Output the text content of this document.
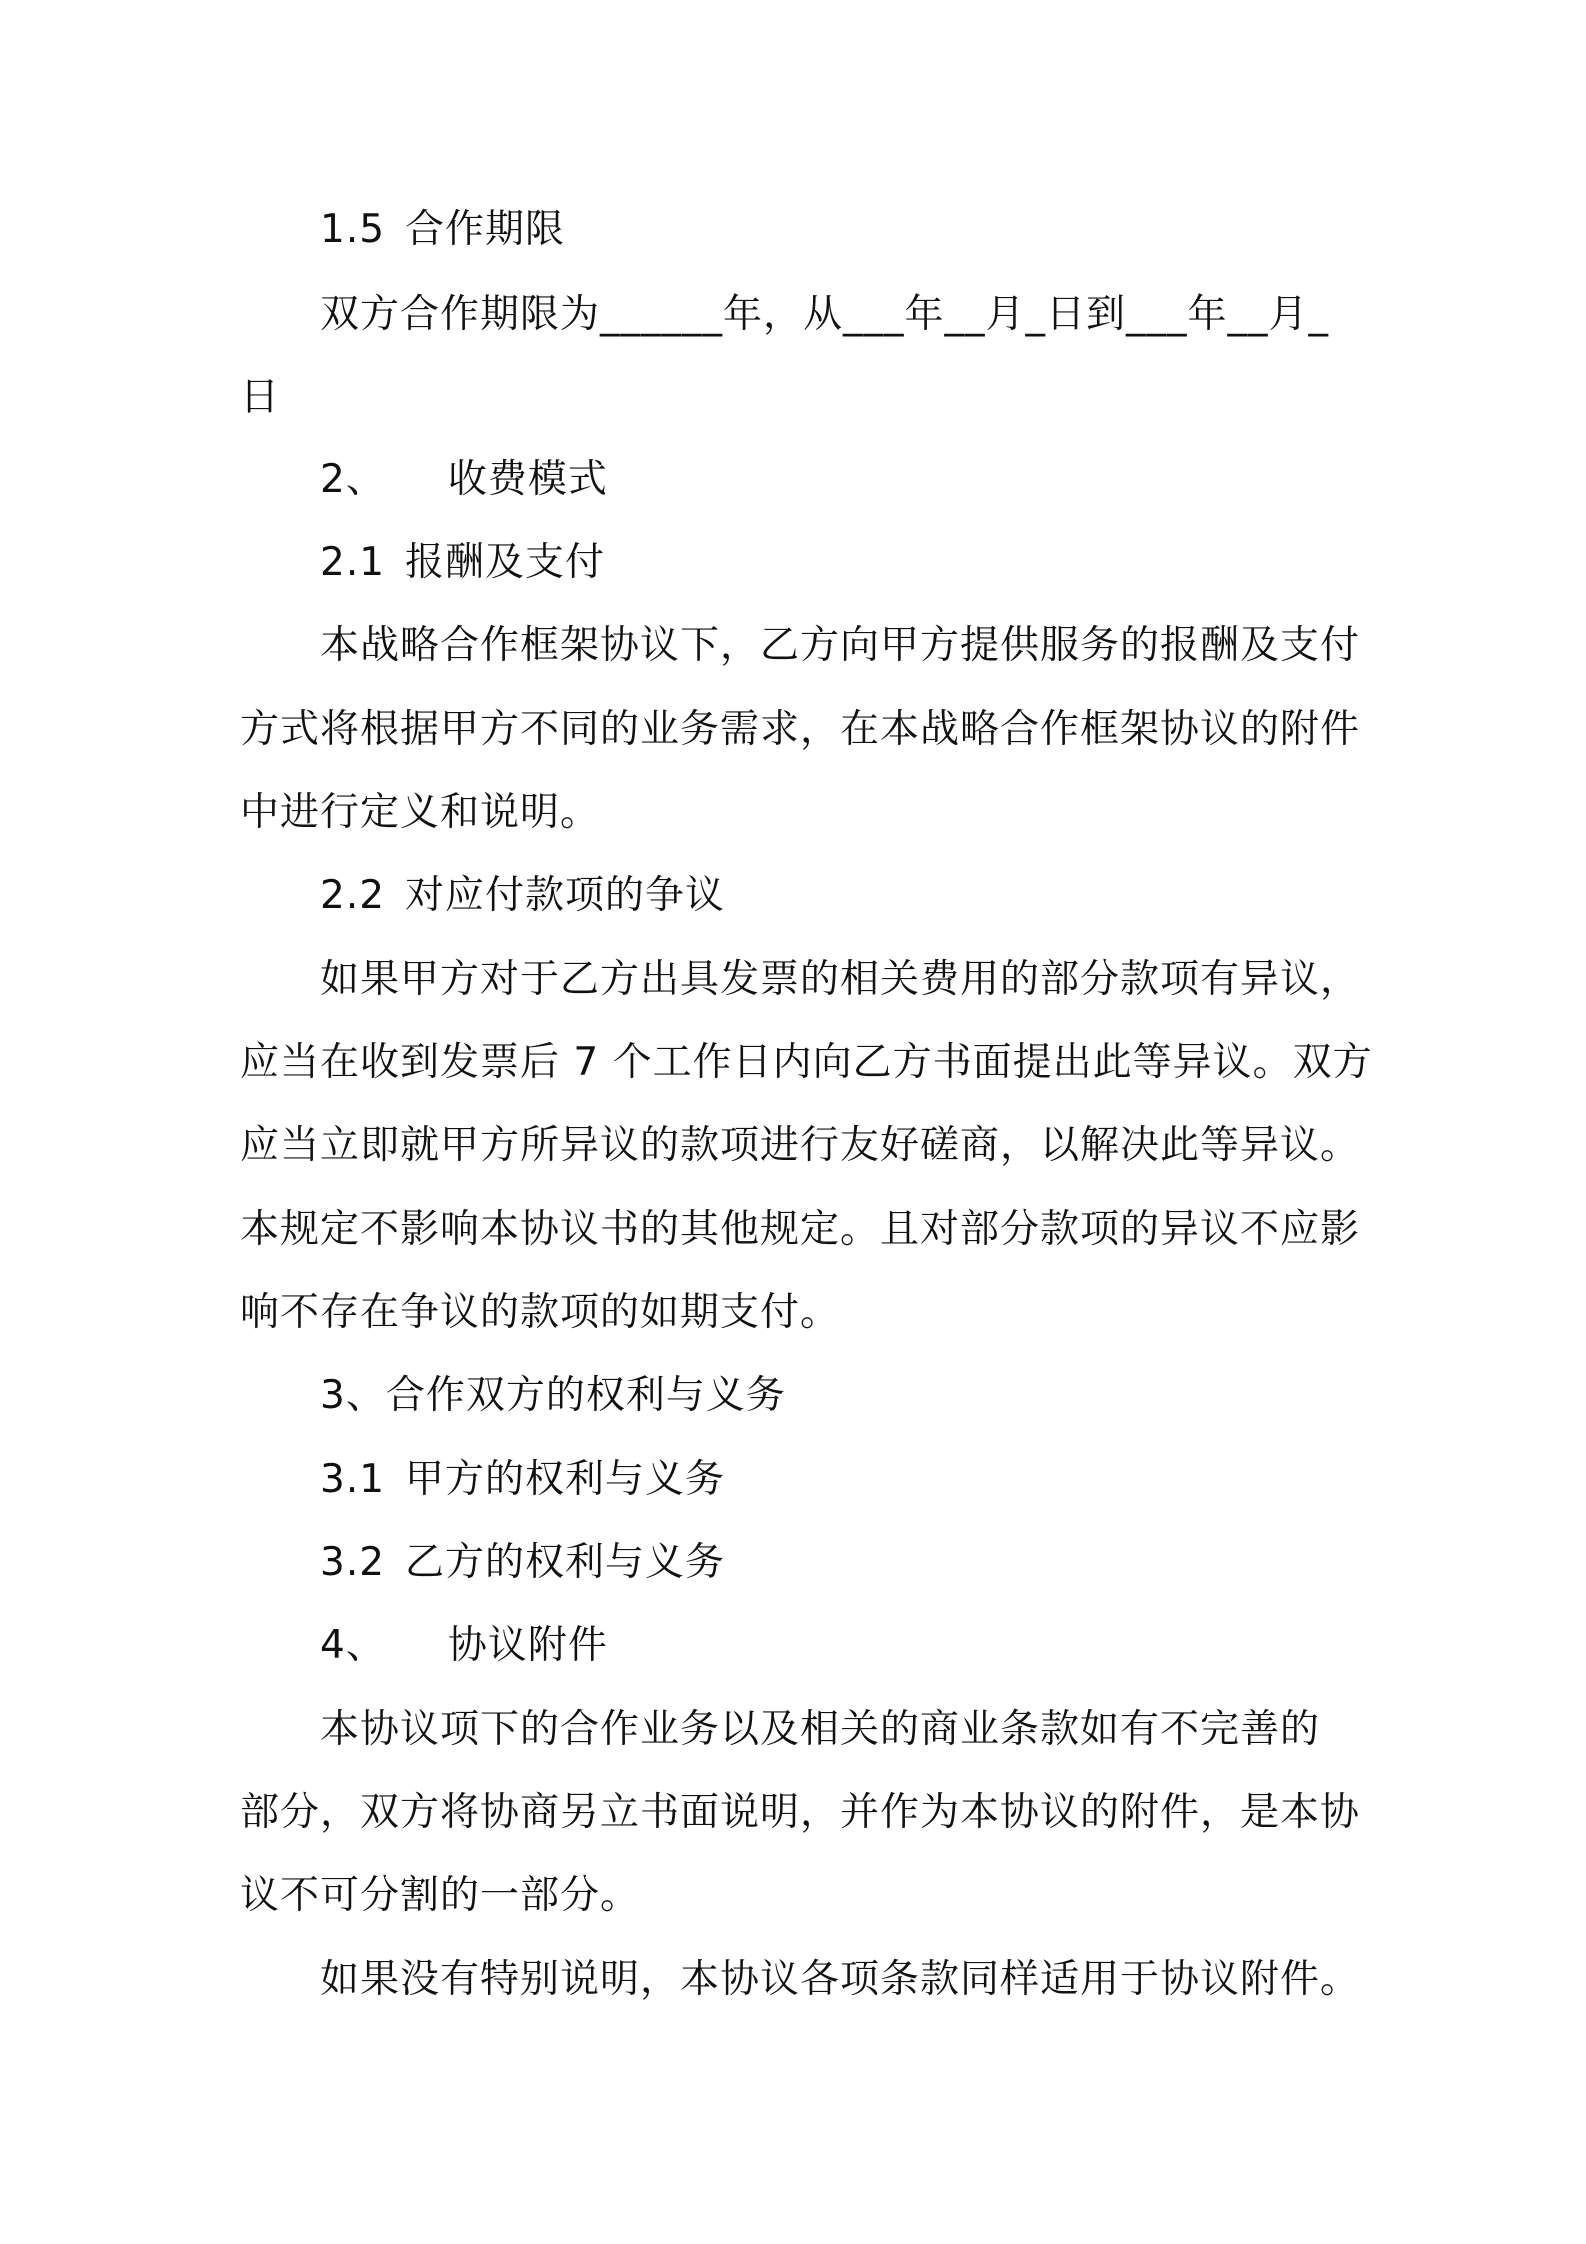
1.5 合作期限
双方合作期限为______年，从___年__月_日到___年__月_
日
2、 收费模式
2.1 报酬及支付
本战略合作框架协议下，乙方向甲方提供服务的报酬及支付
方式将根据甲方不同的业务需求，在本战略合作框架协议的附件
中进行定义和说明。
2.2 对应付款项的争议
如果甲方对于乙方出具发票的相关费用的部分款项有异议，
应当在收到发票后 7 个工作日内向乙方书面提出此等异议。双方
应当立即就甲方所异议的款项进行友好磋商，以解决此等异议。
本规定不影响本协议书的其他规定。且对部分款项的异议不应影
响不存在争议的款项的如期支付。
3、合作双方的权利与义务
3.1 甲方的权利与义务
3.2 乙方的权利与义务
4、 协议附件
本协议项下的合作业务以及相关的商业条款如有不完善的
部分，双方将协商另立书面说明，并作为本协议的附件，是本协
议不可分割的一部分。
如果没有特别说明，本协议各项条款同样适用于协议附件。
